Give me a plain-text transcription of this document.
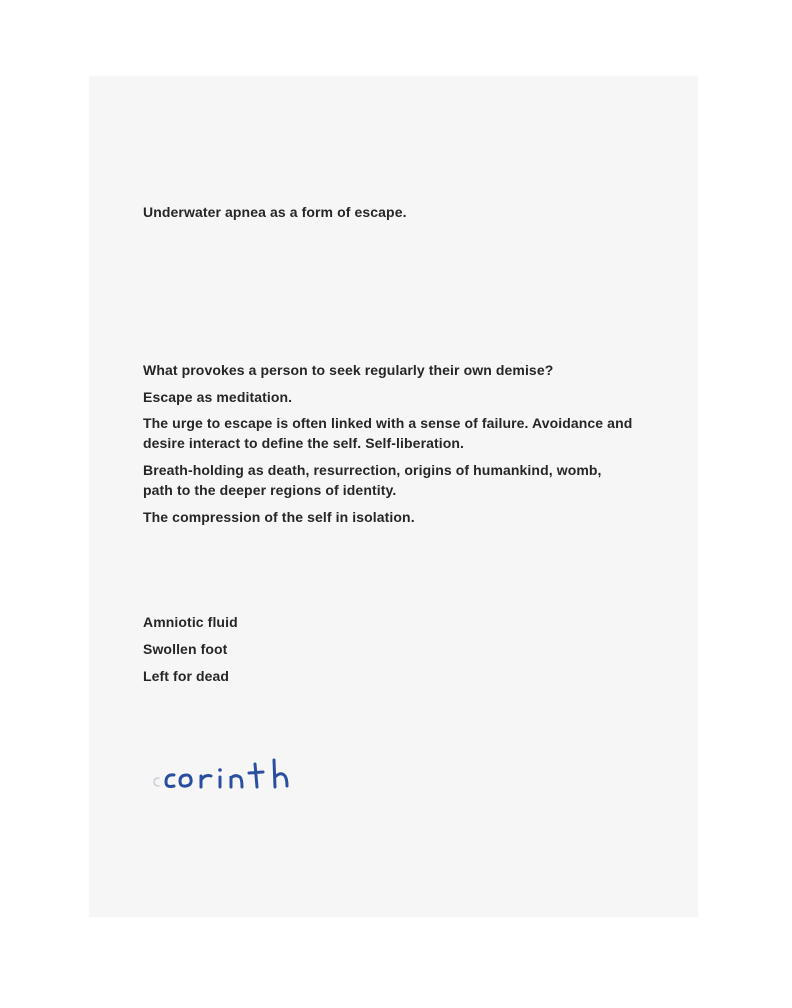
Underwater apnea as a form of escape.

What provokes a person to seek regularly their own demise?

Escape as meditation.

The urge to escape is often linked with a sense of failure. Avoidance and desire interact to define the self. Self-liberation.

Breath-holding as death, resurrection, origins of humankind, womb, path to the deeper regions of identity.

The compression of the self in isolation.

Amniotic fluid
Swollen foot
Left for dead
